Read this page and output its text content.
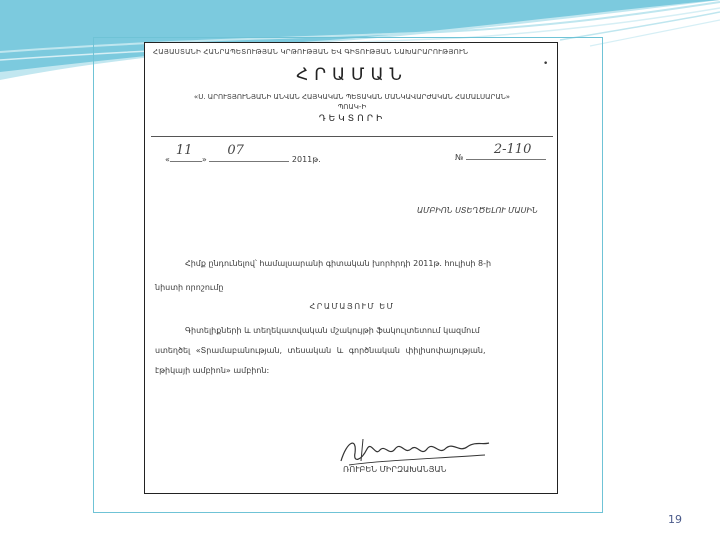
ՀԱՅԱՍՏԱՆԻ ՀԱՆՐԱՊԵՏՈՒԹՅԱՆ ԿՐԹՈՒԹՅԱՆ ԵՎ ԳԻՏՈՒԹՅԱՆ ՆԱԽԱՐԱՐՈՒԹՅՈՒՆ
•
ՀՐԱՄԱՆ
«Ս. ԱՐՈՒՏՅՈՒՆՅԱՆԻ ԱՆՎԱՆ ՀԱՅԿԱԿԱՆ ՊԵՏԱԿԱՆ ՄԱՆԿԱՎԱՐԺԱԿԱՆ ՀԱՄԱԼՍԱՐԱՆ»
ՊՈԱԿ-Ի
ԴԵԿՏՈՐԻ
«
11
»
07
2011թ.	№
2-110
ԱՄԲԻՈՆ ՍՏԵՂԾԵԼՈՒ ՄԱՍԻՆ
Հիմք ընդունելով՝ համալսարանի գիտական խորհրդի 2011թ. հուլիսի 8-ի
նիստի որոշումը
ՀՐԱՄԱՅՈՒՄ ԵՄ
Գիտելիքների և տեղեկատվական մշակույթի ֆակուլտետում կազմում
ստեղծել «Տրամաբանության, տեսական և գործնական փիլիսոփայության,
էթիկայի ամբիոն» ամբիոն:
ՌՈՒԲԵՆ ՄԻՐԶԱԽԱՆՅԱՆ
19
